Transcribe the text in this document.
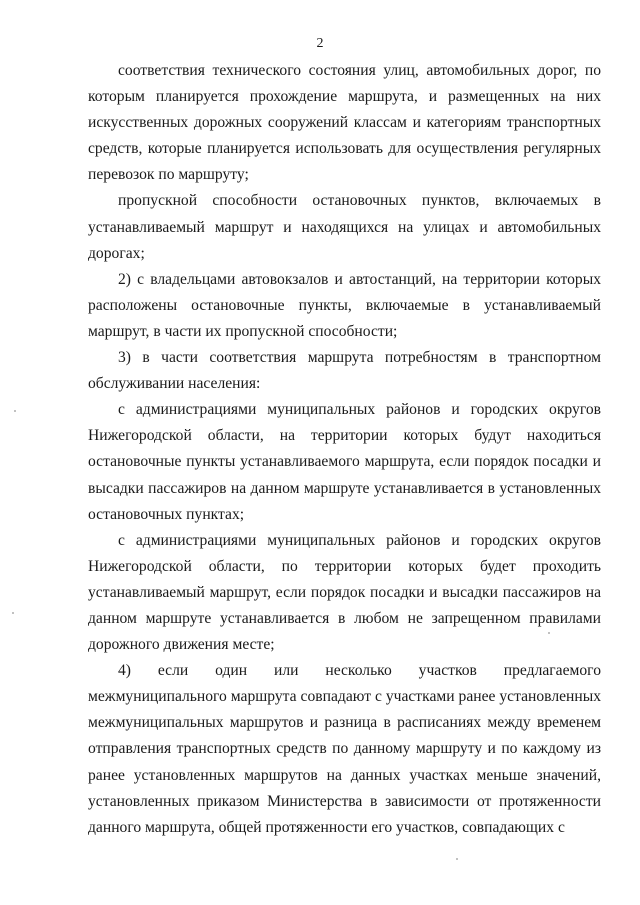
2

соответствия технического состояния улиц, автомобильных дорог, по которым планируется прохождение маршрута, и размещенных на них искусственных дорожных сооружений классам и категориям транспортных средств, которые планируется использовать для осуществления регулярных перевозок по маршруту;

пропускной способности остановочных пунктов, включаемых в устанавливаемый маршрут и находящихся на улицах и автомобильных дорогах;

2) с владельцами автовокзалов и автостанций, на территории которых расположены остановочные пункты, включаемые в устанавливаемый маршрут, в части их пропускной способности;

3) в части соответствия маршрута потребностям в транспортном обслуживании населения:

с администрациями муниципальных районов и городских округов Нижегородской области, на территории которых будут находиться остановочные пункты устанавливаемого маршрута, если порядок посадки и высадки пассажиров на данном маршруте устанавливается в установленных остановочных пунктах;

с администрациями муниципальных районов и городских округов Нижегородской области, по территории которых будет проходить устанавливаемый маршрут, если порядок посадки и высадки пассажиров на данном маршруте устанавливается в любом не запрещенном правилами дорожного движения месте;

4) если один или несколько участков предлагаемого межмуниципального маршрута совпадают с участками ранее установленных межмуниципальных маршрутов и разница в расписаниях между временем отправления транспортных средств по данному маршруту и по каждому из ранее установленных маршрутов на данных участках меньше значений, установленных приказом Министерства в зависимости от протяженности данного маршрута, общей протяженности его участков, совпадающих с
